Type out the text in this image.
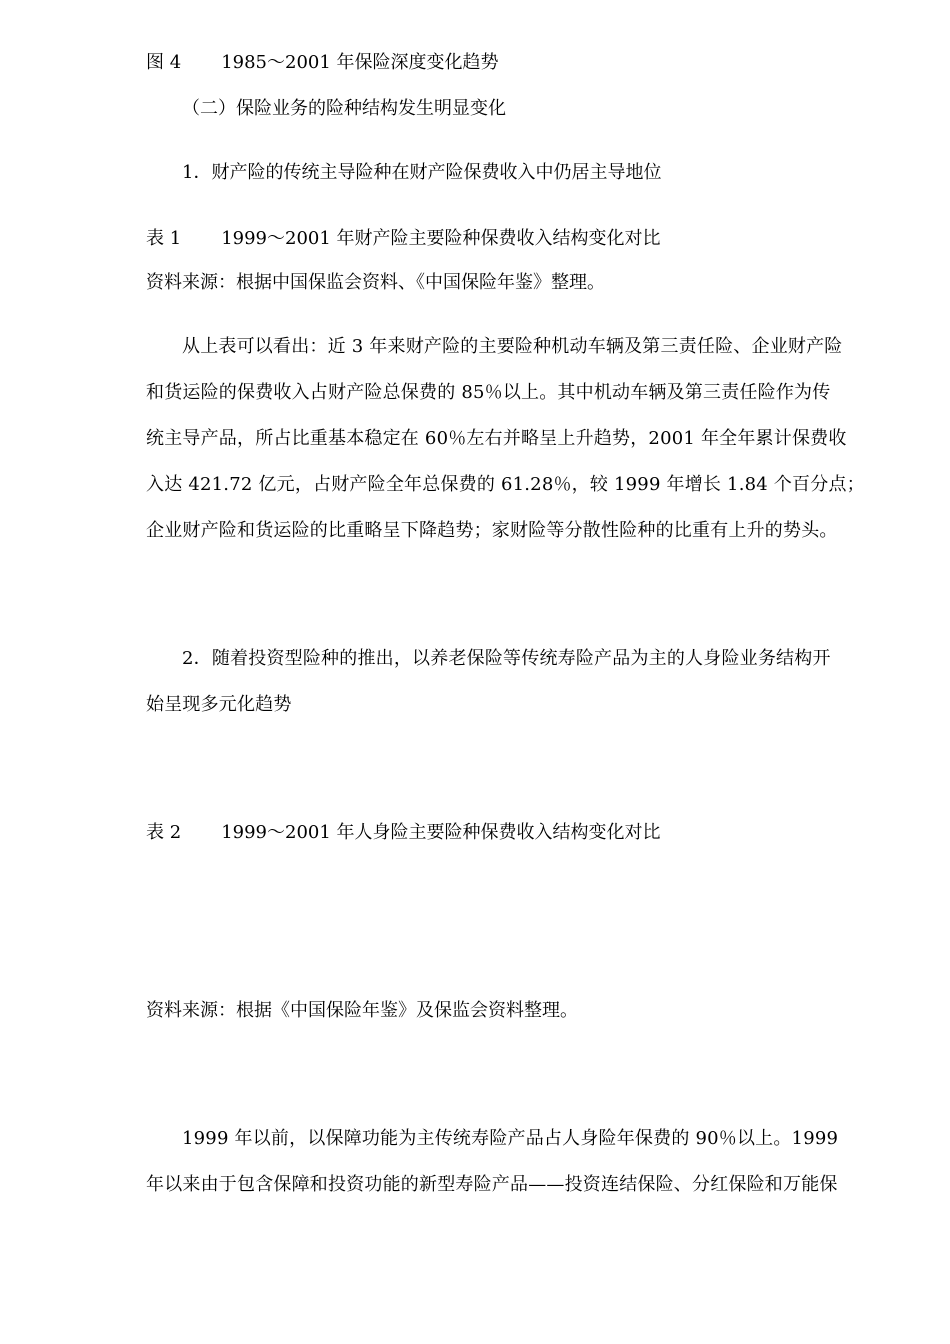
图 4 1985～2001 年保险深度变化趋势
（二）保险业务的险种结构发生明显变化
1．财产险的传统主导险种在财产险保费收入中仍居主导地位
表 1 1999～2001 年财产险主要险种保费收入结构变化对比
资料来源：根据中国保监会资料、《中国保险年鉴》整理。
从上表可以看出：近 3 年来财产险的主要险种机动车辆及第三责任险、企业财产险
和货运险的保费收入占财产险总保费的 85％以上。其中机动车辆及第三责任险作为传
统主导产品，所占比重基本稳定在 60％左右并略呈上升趋势，2001 年全年累计保费收
入达 421.72 亿元，占财产险全年总保费的 61.28％，较 1999 年增长 1.84 个百分点；
企业财产险和货运险的比重略呈下降趋势；家财险等分散性险种的比重有上升的势头。
2．随着投资型险种的推出，以养老保险等传统寿险产品为主的人身险业务结构开
始呈现多元化趋势
表 2 1999～2001 年人身险主要险种保费收入结构变化对比
资料来源：根据《中国保险年鉴》及保监会资料整理。
1999 年以前，以保障功能为主传统寿险产品占人身险年保费的 90％以上。1999
年以来由于包含保障和投资功能的新型寿险产品——投资连结保险、分红保险和万能保
